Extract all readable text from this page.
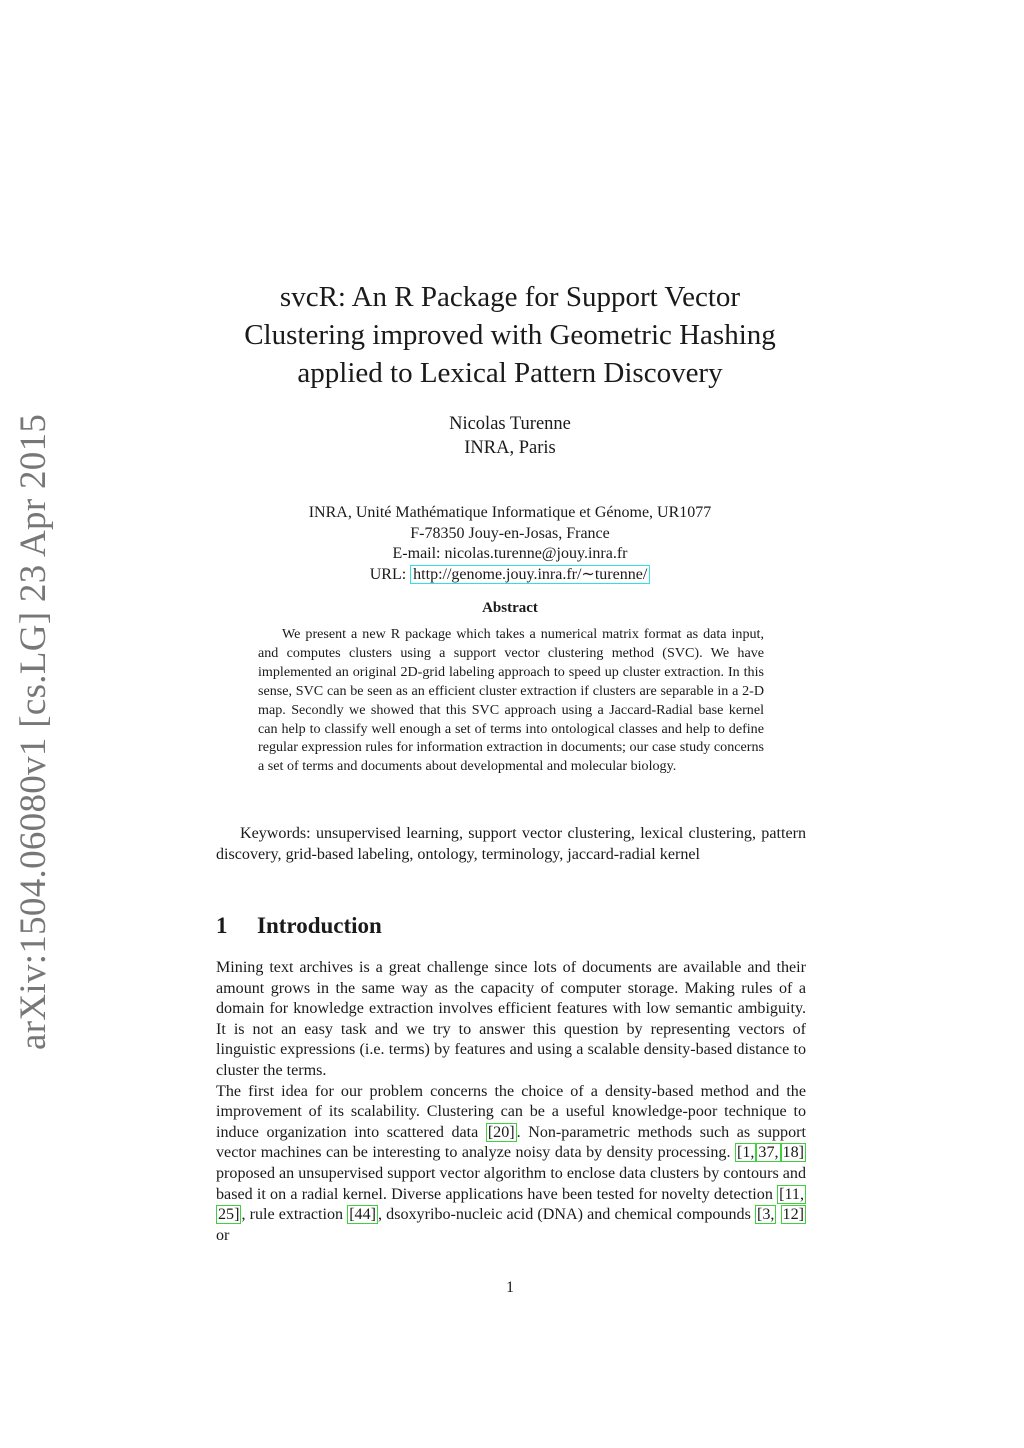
arXiv:1504.06080v1 [cs.LG] 23 Apr 2015
svcR: An R Package for Support Vector
Clustering improved with Geometric Hashing
applied to Lexical Pattern Discovery
Nicolas Turenne
INRA, Paris
INRA, Unité Mathématique Informatique et Génome, UR1077
F-78350 Jouy-en-Josas, France
E-mail: nicolas.turenne@jouy.inra.fr
URL: http://genome.jouy.inra.fr/∼turenne/
Abstract

We present a new R package which takes a numerical matrix format as data input, and computes clusters using a support vector clustering method (SVC). We have implemented an original 2D-grid labeling approach to speed up cluster extraction. In this sense, SVC can be seen as an efficient cluster extraction if clusters are separable in a 2-D map. Secondly we showed that this SVC approach using a Jaccard-Radial base kernel can help to classify well enough a set of terms into ontological classes and help to define regular expression rules for information extraction in documents; our case study concerns a set of terms and documents about developmental and molecular biology.

Keywords: unsupervised learning, support vector clustering, lexical clustering, pattern discovery, grid-based labeling, ontology, terminology, jaccard-radial kernel

1 Introduction

Mining text archives is a great challenge since lots of documents are available and their amount grows in the same way as the capacity of computer storage. Making rules of a domain for knowledge extraction involves efficient features with low semantic ambiguity. It is not an easy task and we try to answer this question by representing vectors of linguistic expressions (i.e. terms) by features and using a scalable density-based distance to cluster the terms.

The first idea for our problem concerns the choice of a density-based method and the improvement of its scalability. Clustering can be a useful knowledge-poor technique to induce organization into scattered data [20] . Non-parametric methods such as support vector machines can be interesting to analyze noisy data by density processing. [1, 37, 18] proposed an unsupervised support vector algorithm to enclose data clusters by contours and based it on a radial kernel. Diverse applications have been tested for novelty detection [11, 25] , rule extraction [44] , dsoxyribo-nucleic acid (DNA) and chemical compounds [3, 12] or

1
